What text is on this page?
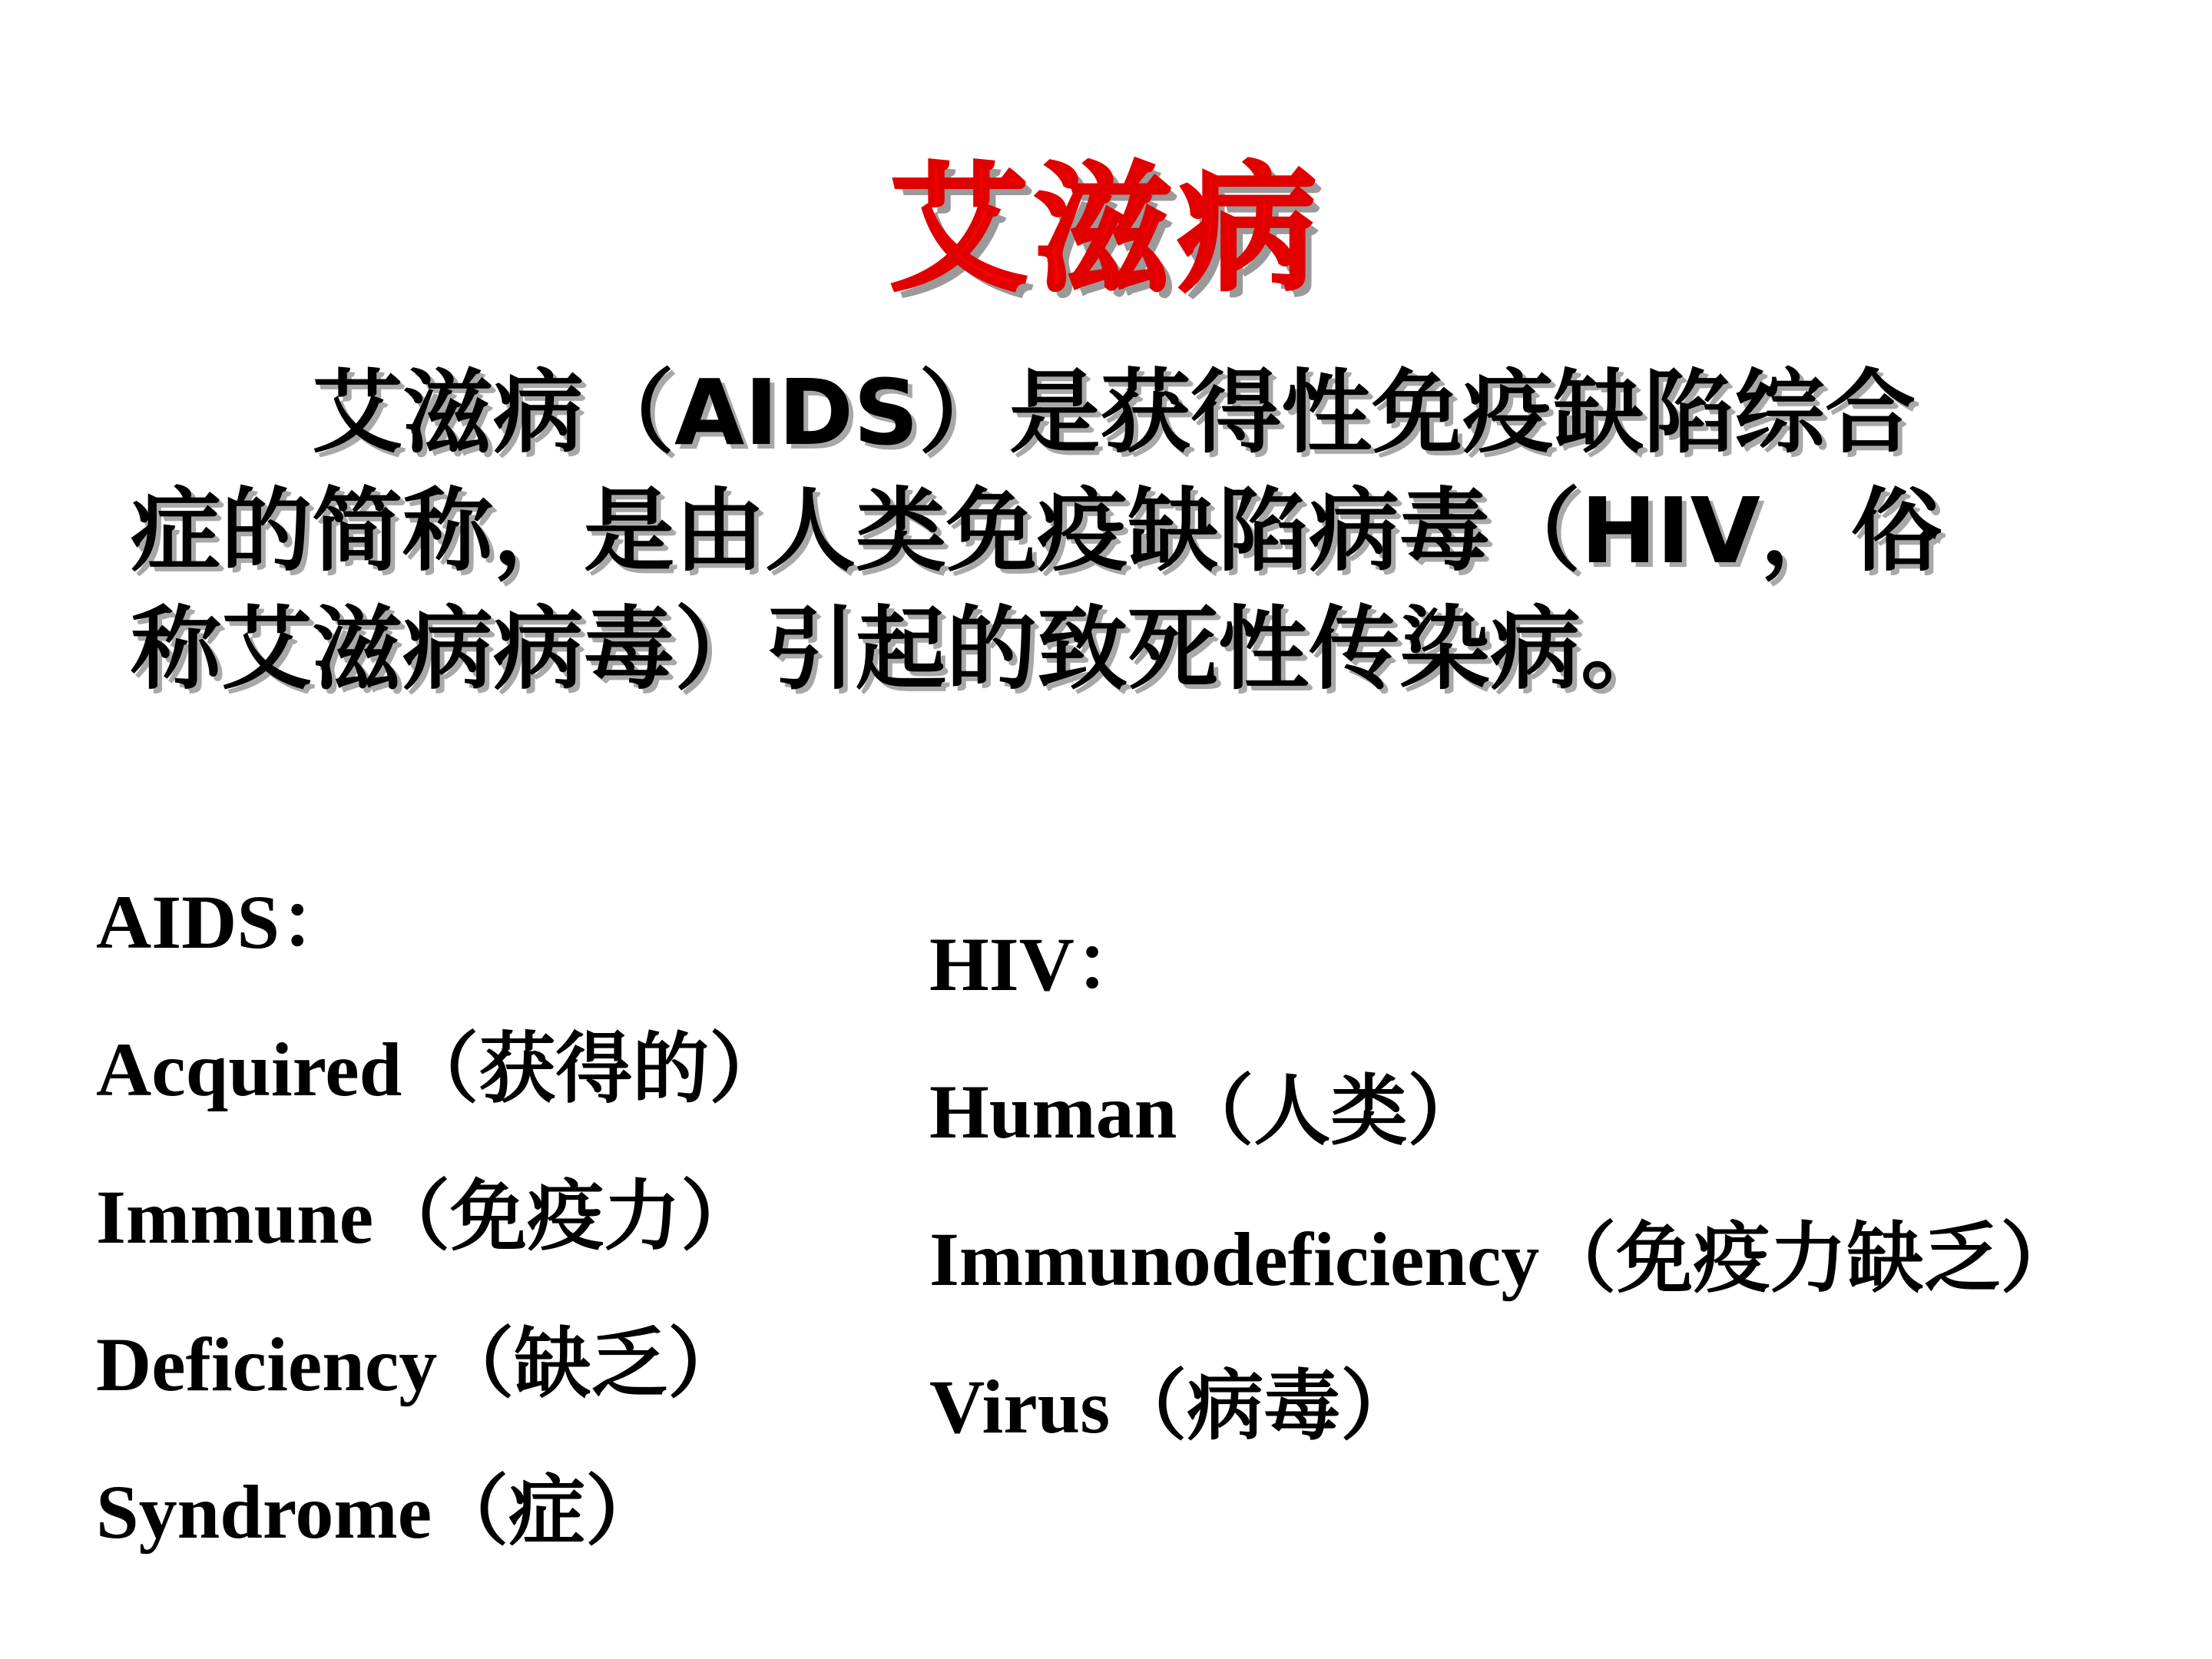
艾滋病

艾滋病（AIDS）是获得性免疫缺陷综合症的简称，是由人类免疫缺陷病毒（HIV，俗称艾滋病病毒）引起的致死性传染病。

AIDS：
Acquired（获得的）
Immune（免疫力）
Deficiency（缺乏）
Syndrome（症）
HIV：
Human（人类）
Immunodeficiency（免疫力缺乏）
Virus（病毒）
